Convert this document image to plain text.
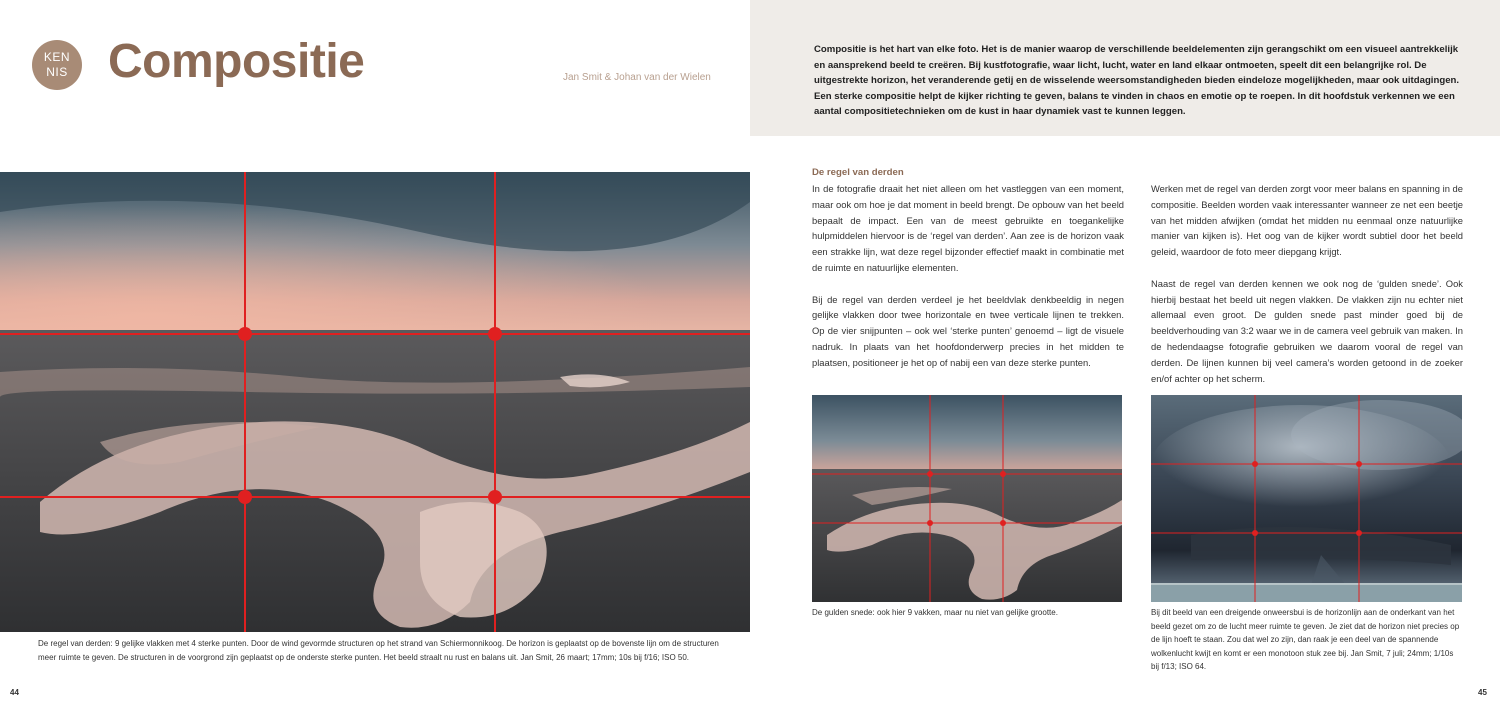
KEN
NIS Compositie	Jan Smit & Johan van der Wielen
Compositie is het hart van elke foto. Het is de manier waarop de verschillende beeldelementen zijn gerangschikt om een visueel aantrekkelijk en aansprekend beeld te creëren. Bij kustfotografie, waar licht, lucht, water en land elkaar ontmoeten, speelt dit een belangrijke rol. De uitgestrekte horizon, het veranderende getij en de wisselende weersomstandigheden bieden eindeloze mogelijkheden, maar ook uitdagingen. Een sterke compositie helpt de kijker richting te geven, balans te vinden in chaos en emotie op te roepen. In dit hoofdstuk verkennen we een aantal compositietechnieken om de kust in haar dynamiek vast te kunnen leggen.
De regel van derden: 9 gelijke vlakken met 4 sterke punten. Door de wind gevormde structuren op het strand van Schiermonnikoog. De horizon is geplaatst op de bovenste lijn om de structuren meer ruimte te geven. De structuren in de voorgrond zijn geplaatst op de onderste sterke punten. Het beeld straalt nu rust en balans uit. Jan Smit, 26 maart; 17mm; 10s bij f/16; ISO 50.
44	45
De regel van derden

In de fotografie draait het niet alleen om het vastleggen van een moment, maar ook om hoe je dat moment in beeld brengt. De opbouw van het beeld bepaalt de impact. Een van de meest gebruikte en toegankelijke hulpmiddelen hiervoor is de ‘regel van derden’. Aan zee is de horizon vaak een strakke lijn, wat deze regel bijzonder effectief maakt in combinatie met de ruimte en natuurlijke elementen.

Bij de regel van derden verdeel je het beeldvlak denkbeeldig in negen gelijke vlakken door twee horizontale en twee verticale lijnen te trekken. Op de vier snijpunten – ook wel ‘sterke punten’ genoemd – ligt de visuele nadruk. In plaats van het hoofdonderwerp precies in het midden te plaatsen, positioneer je het op of nabij een van deze sterke punten.

Werken met de regel van derden zorgt voor meer balans en spanning in de compositie. Beelden worden vaak interessanter wanneer ze net een beetje van het midden afwijken (omdat het midden nu eenmaal onze natuurlijke manier van kijken is). Het oog van de kijker wordt subtiel door het beeld geleid, waardoor de foto meer diepgang krijgt.

Naast de regel van derden kennen we ook nog de ‘gulden snede’. Ook hierbij bestaat het beeld uit negen vlakken. De vlakken zijn nu echter niet allemaal even groot. De gulden snede past minder goed bij de beeldverhouding van 3:2 waar we in de camera veel gebruik van maken. In de hedendaagse fotografie gebruiken we daarom vooral de regel van derden. De lijnen kunnen bij veel camera’s worden getoond in de zoeker en/of achter op het scherm.

De gulden snede: ook hier 9 vakken, maar nu niet van gelijke grootte.	Bij dit beeld van een dreigende onweersbui is de horizonlijn aan de onderkant van het beeld gezet om zo de lucht meer ruimte te geven. Je ziet dat de horizon niet precies op de lijn hoeft te staan. Zou dat wel zo zijn, dan raak je een deel van de spannende wolkenlucht kwijt en komt er een monotoon stuk zee bij. Jan Smit, 7 juli; 24mm; 1/10s bij f/13; ISO 64.
